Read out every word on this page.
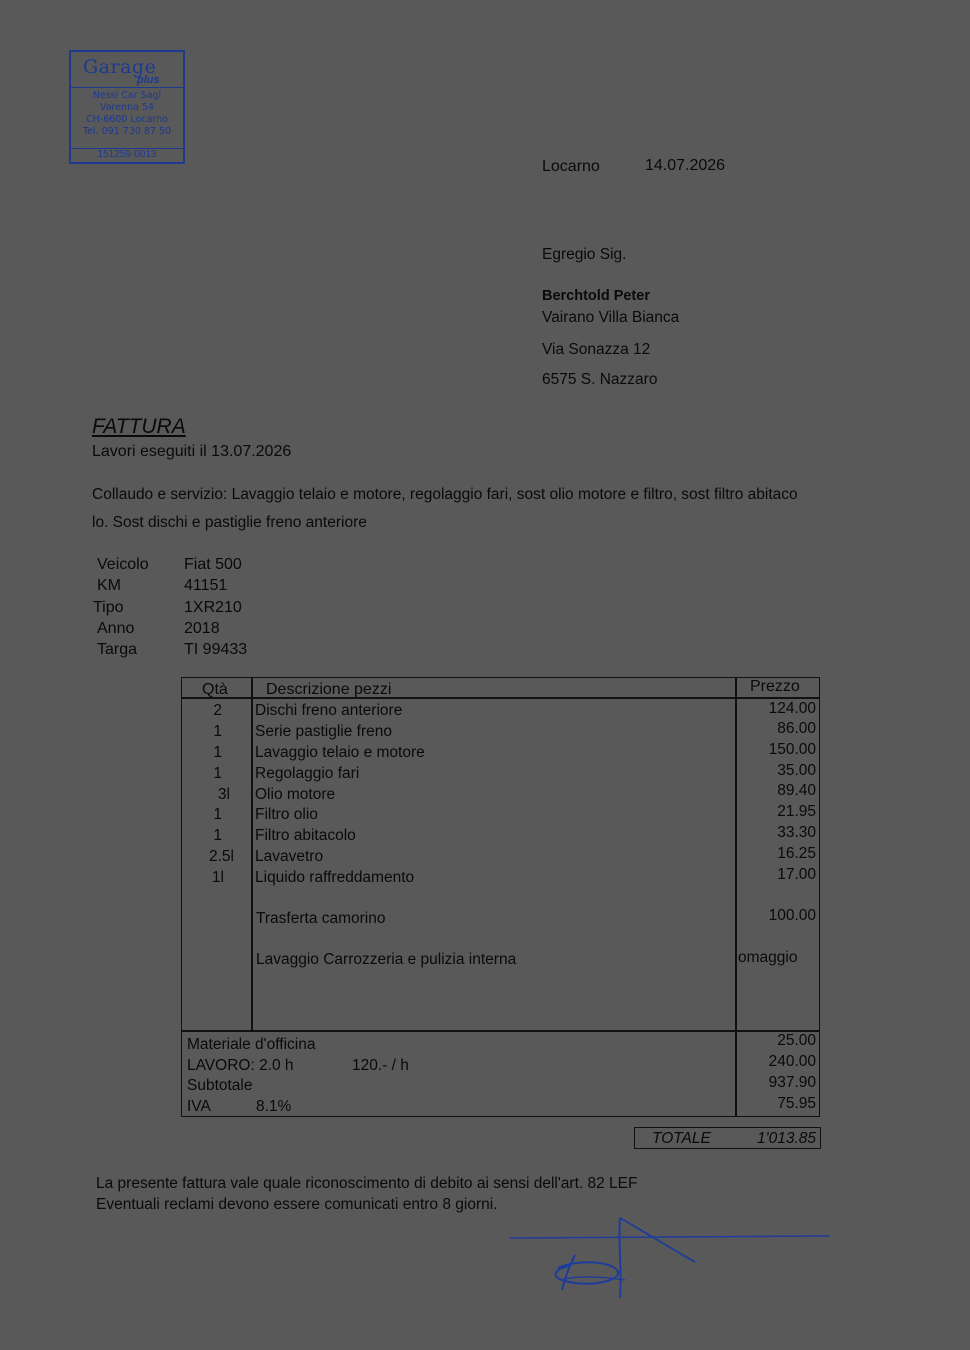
Garage
plus
Nessi Car Sagl
Varenna 54
CH-6600 Locarno
Tel. 091 730 87 50
151259-0013
Locarno	14.07.2026
Egregio Sig.
Berchtold Peter
Vairano Villa Bianca
Via Sonazza 12
6575 S. Nazzaro
FATTURA
Lavori eseguiti il 13.07.2026
Collaudo e servizio: Lavaggio telaio e motore, regolaggio fari, sost olio motore e filtro, sost filtro abitaco
lo. Sost dischi e pastiglie freno anteriore
Veicolo Fiat 500
KM	41151
Tipo	1XR210
Anno	2018
Targa	TI 99433
Qtà Descrizione pezzi	Prezzo
2 Dischi freno anteriore	124.00
1 Serie pastiglie freno	86.00
1 Lavaggio telaio e motore	150.00
1 Regolaggio fari	35.00
3l Olio motore	89.40
1 Filtro olio	21.95
1 Filtro abitacolo	33.30
2.5l Lavavetro	16.25
1l Liquido raffreddamento	17.00
Trasferta camorino	100.00
Lavaggio Carrozzeria e pulizia interna	omaggio
Materiale d'officina	25.00
LAVORO: 2.0 h	120.- / h	240.00
Subtotale	937.90
IVA	8.1%	75.95
TOTALE	1'013.85
La presente fattura vale quale riconoscimento di debito ai sensi dell'art. 82 LEF
Eventuali reclami devono essere comunicati entro 8 giorni.
